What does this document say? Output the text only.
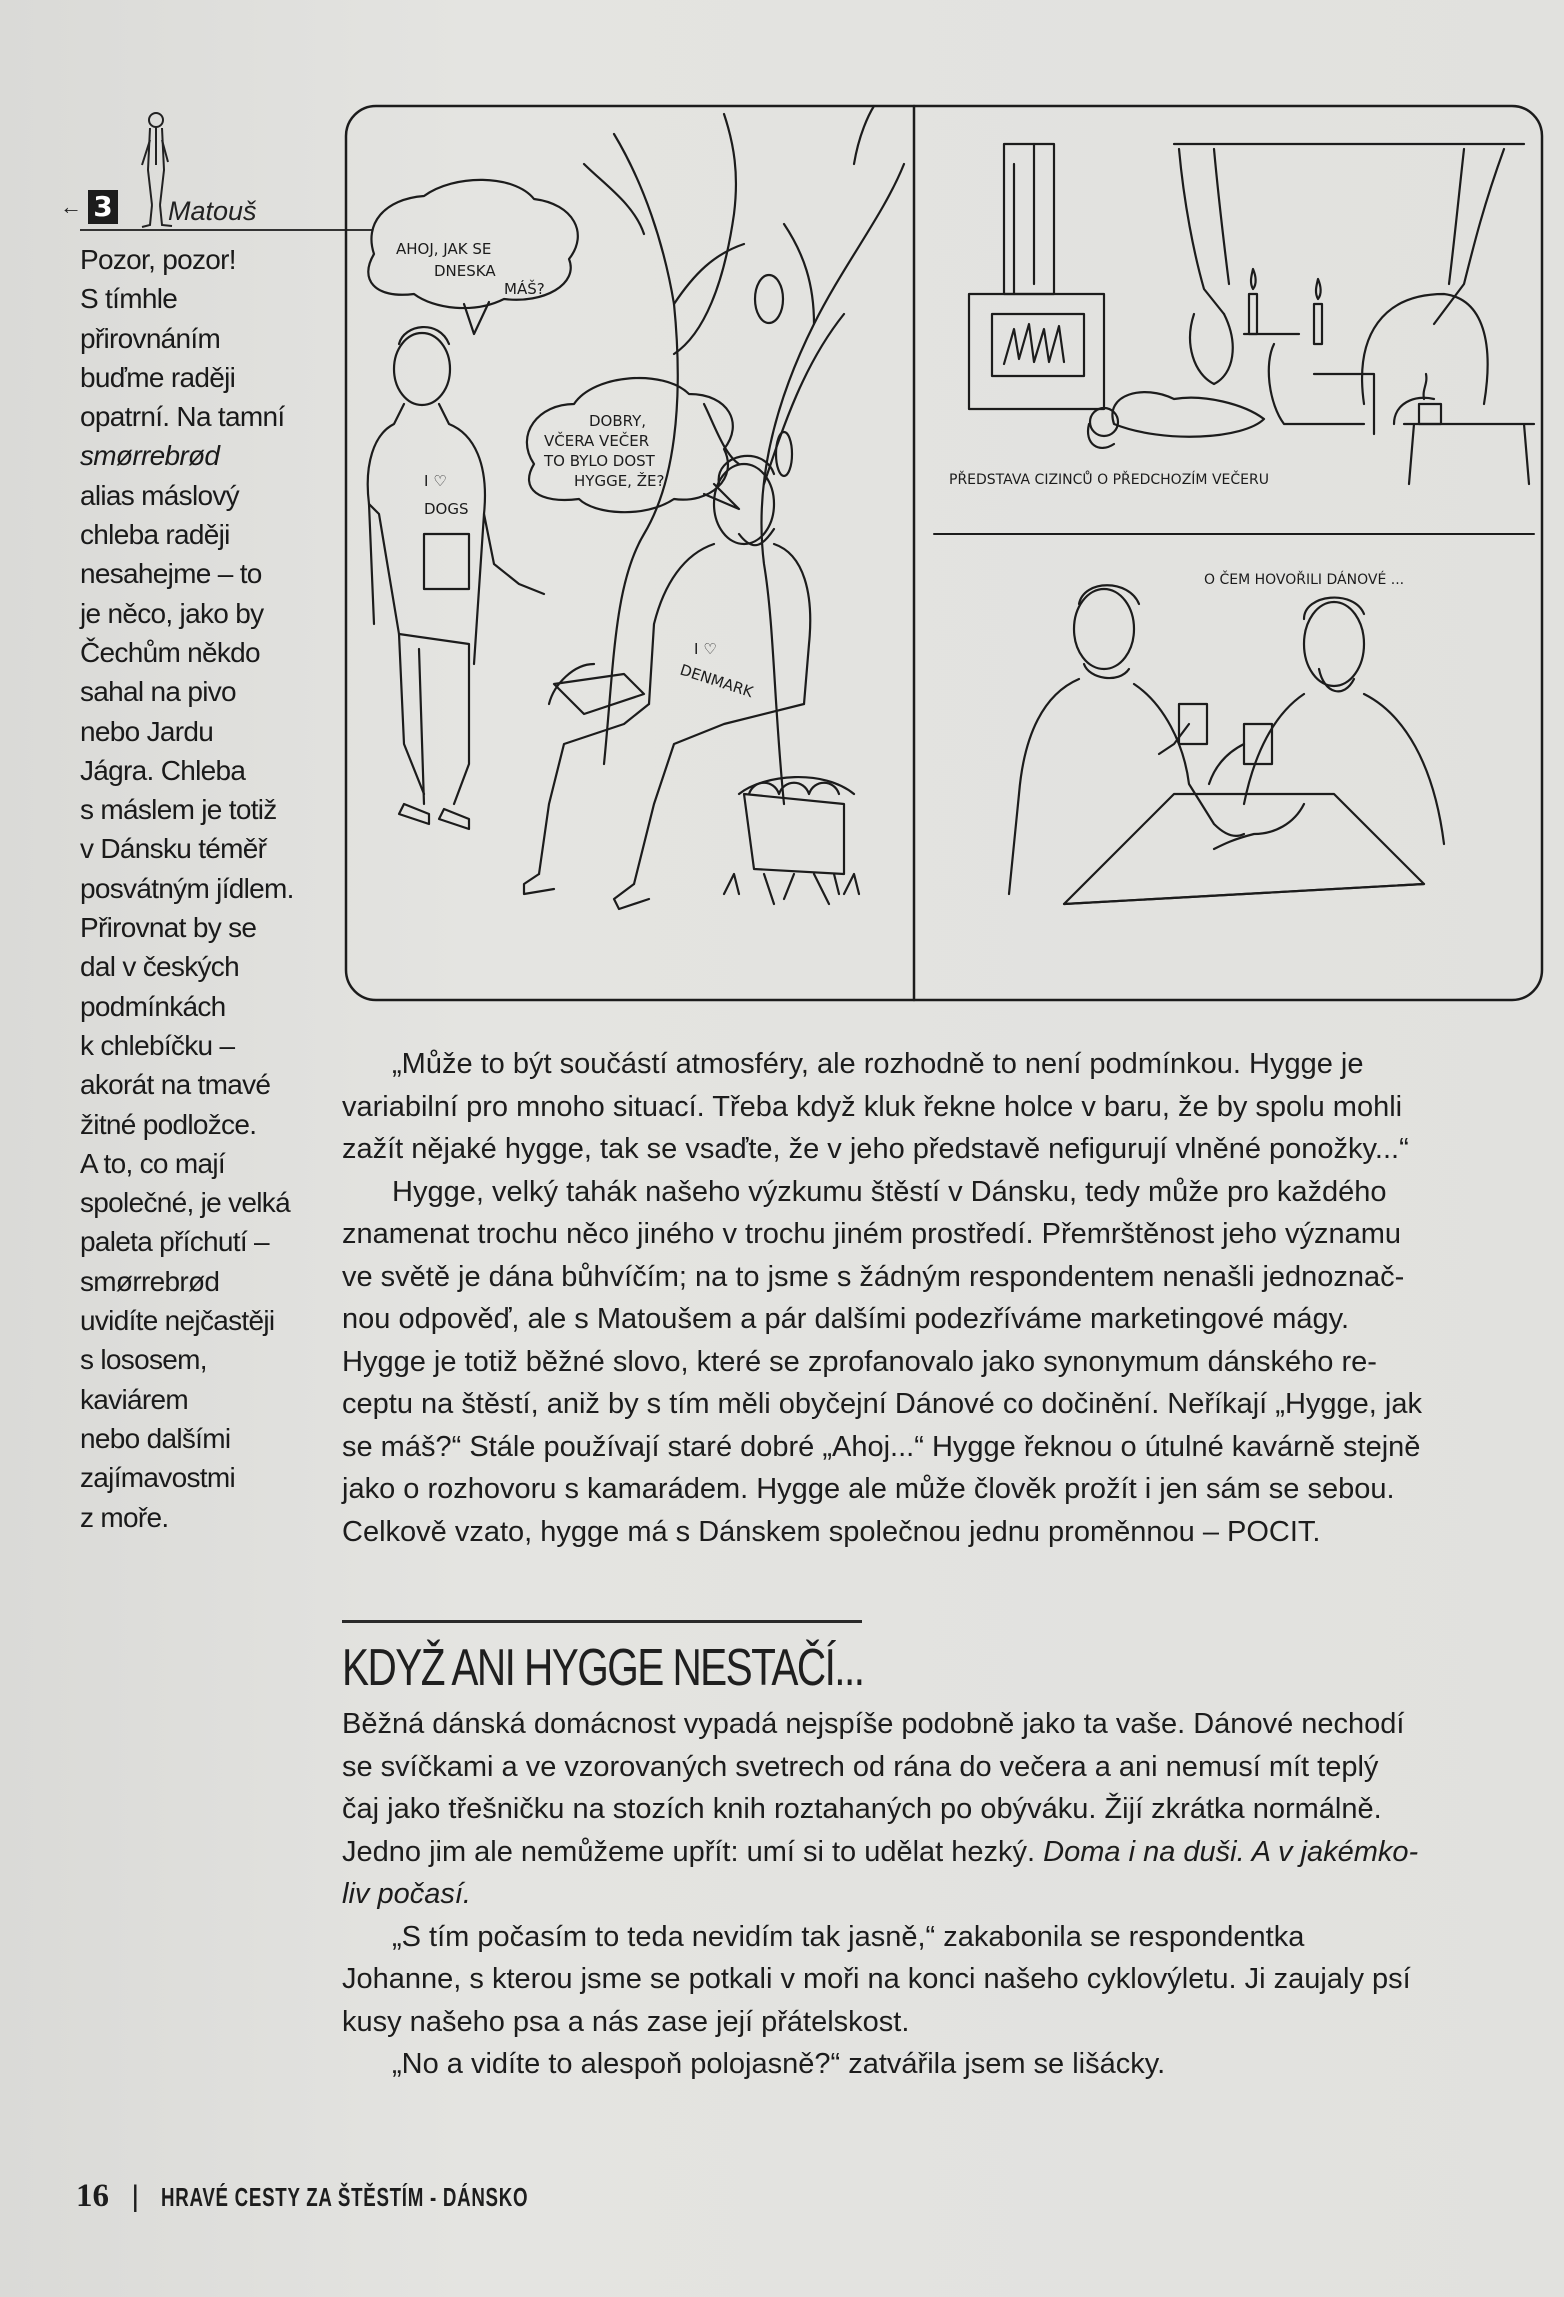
← 3 Matouš
Pozor, pozor!
S tímhle
přirovnáním
buďme raději
opatrní. Na tamní
smørrebrød
alias máslový
chleba raději
nesahejme – to
je něco, jako by
Čechům někdo
sahal na pivo
nebo Jardu
Jágra. Chleba
s máslem je totiž
v Dánsku téměř
posvátným jídlem.
Přirovnat by se
dal v českých
podmínkách
k chlebíčku –
akorát na tmavé
žitné podložce.
A to, co mají
společné, je velká
paleta příchutí –
smørrebrød
uvidíte nejčastěji
s lososem,
kaviárem
nebo dalšími
zajímavostmi
z moře.
AHOJ, JAK SE
DNESKA
MÁŠ?
DOBRY,
VČERA VEČER
TO BYLO DOST
HYGGE, ŽE?
I ♡
DOGS
I ♡
DENMARK
PŘEDSTAVA CIZINCŮ O PŘEDCHOZÍM VEČERU
O ČEM HOVOŘILI DÁNOVÉ ...
„Může to být součástí atmosféry, ale rozhodně to není podmínkou. Hygge je
variabilní pro mnoho situací. Třeba když kluk řekne holce v baru, že by spolu mohli
zažít nějaké hygge, tak se vsaďte, že v jeho představě nefigurují vlněné ponožky...“
Hygge, velký tahák našeho výzkumu štěstí v Dánsku, tedy může pro každého
znamenat trochu něco jiného v trochu jiném prostředí. Přemrštěnost jeho významu
ve světě je dána bůhvíčím; na to jsme s žádným respondentem nenašli jednoznač-
nou odpověď, ale s Matoušem a pár dalšími podezříváme marketingové mágy.
Hygge je totiž běžné slovo, které se zprofanovalo jako synonymum dánského re-
ceptu na štěstí, aniž by s tím měli obyčejní Dánové co dočinění. Neříkají „Hygge, jak
se máš?“ Stále používají staré dobré „Ahoj...“ Hygge řeknou o útulné kavárně stejně
jako o rozhovoru s kamarádem. Hygge ale může člověk prožít i jen sám se sebou.
Celkově vzato, hygge má s Dánskem společnou jednu proměnnou – POCIT.
KDYŽ ANI HYGGE NESTAČÍ...
Běžná dánská domácnost vypadá nejspíše podobně jako ta vaše. Dánové nechodí
se svíčkami a ve vzorovaných svetrech od rána do večera a ani nemusí mít teplý
čaj jako třešničku na stozích knih roztahaných po obýváku. Žijí zkrátka normálně.
Jedno jim ale nemůžeme upřít: umí si to udělat hezký. Doma i na duši. A v jakémko-
liv počasí.
„S tím počasím to teda nevidím tak jasně,“ zakabonila se respondentka
Johanne, s kterou jsme se potkali v moři na konci našeho cyklovýletu. Ji zaujaly psí
kusy našeho psa a nás zase její přátelskost.
„No a vidíte to alespoň polojasně?“ zatvářila jsem se lišácky.
16 | HRAVÉ CESTY ZA ŠTĚSTÍM - DÁNSKO
